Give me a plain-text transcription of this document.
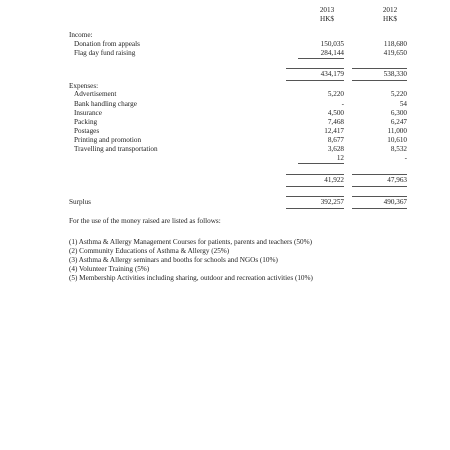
2013	2012
HK$	HK$
Income:
Donation from appeals	150,035	118,680
Flag day fund raising	284,144	419,650
434,179	538,330
Expenses:
Advertisement	5,220	5,220
Bank handling charge	-	54
Insurance	4,500	6,300
Packing	7,468	6,247
Postages	12,417	11,000
Printing and promotion	8,677	10,610
Travelling and transportation	3,628	8,532
12	-
41,922	47,963
Surplus	392,257	490,367
For the use of the money raised are listed as follows:
(1) Asthma & Allergy Management Courses for patients, parents and teachers (50%)
(2) Community Educations of Asthma & Allergy (25%)
(3) Asthma & Allergy seminars and booths for schools and NGOs (10%)
(4) Volunteer Training (5%)
(5) Membership Activities including sharing, outdoor and recreation activities (10%)
